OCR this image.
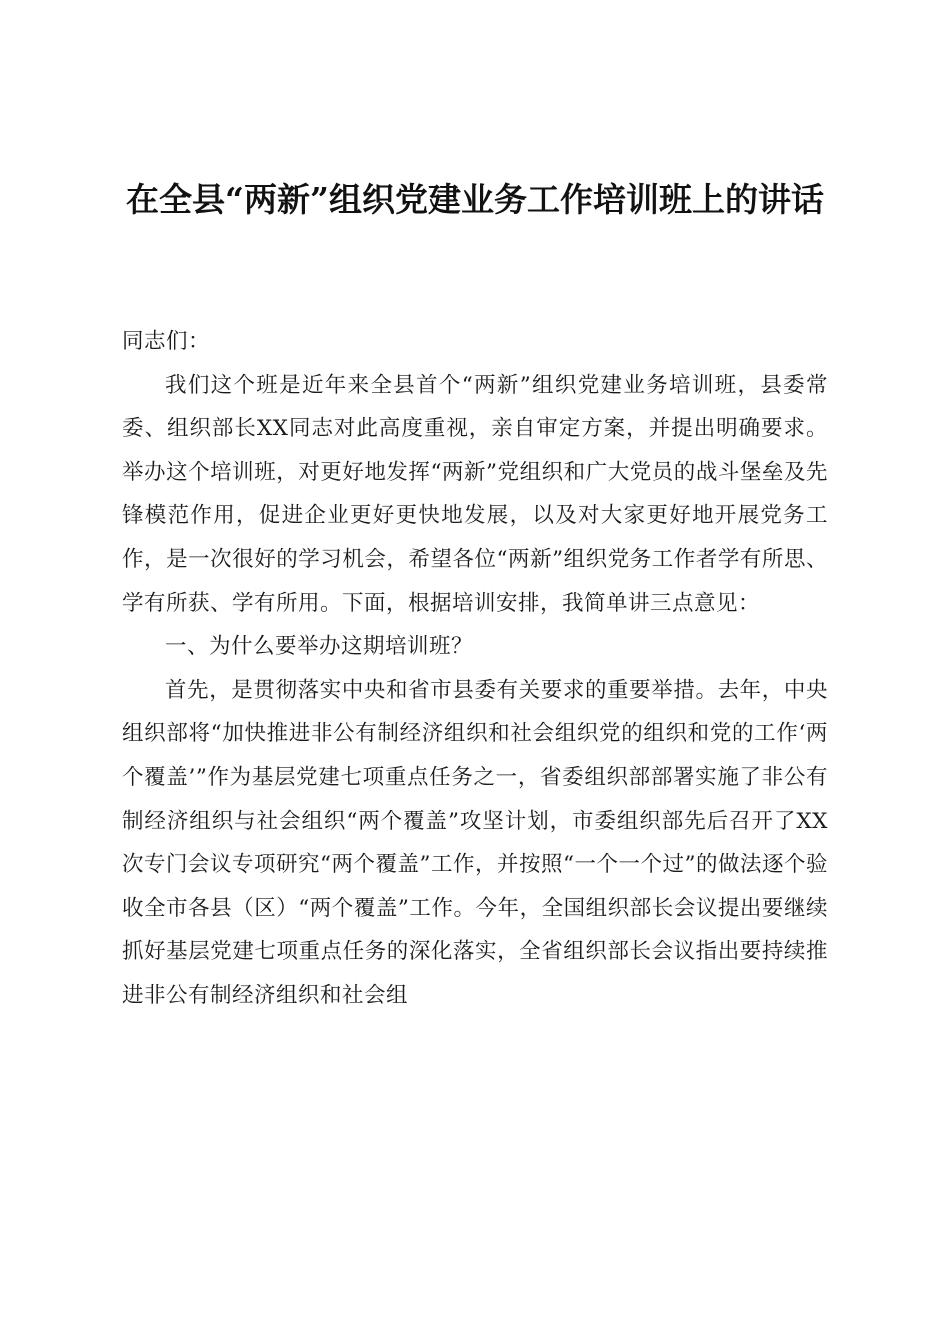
在全县“两新”组织党建业务工作培训班上的讲话

同志们：

我们这个班是近年来全县首个“两新”组织党建业务培训班，县委常委、组织部长XX同志对此高度重视，亲自审定方案，并提出明确要求。举办这个培训班，对更好地发挥“两新”党组织和广大党员的战斗堡垒及先锋模范作用，促进企业更好更快地发展，以及对大家更好地开展党务工作，是一次很好的学习机会，希望各位“两新”组织党务工作者学有所思、学有所获、学有所用。下面，根据培训安排，我简单讲三点意见：

一、为什么要举办这期培训班？

首先，是贯彻落实中央和省市县委有关要求的重要举措。去年，中央组织部将“加快推进非公有制经济组织和社会组织党的组织和党的工作‘两个覆盖’”作为基层党建七项重点任务之一，省委组织部部署实施了非公有制经济组织与社会组织“两个覆盖”攻坚计划，市委组织部先后召开了XX次专门会议专项研究“两个覆盖”工作，并按照“一个一个过”的做法逐个验收全市各县（区）“两个覆盖”工作。今年，全国组织部长会议提出要继续抓好基层党建七项重点任务的深化落实，全省组织部长会议指出要持续推进非公有制经济组织和社会组
